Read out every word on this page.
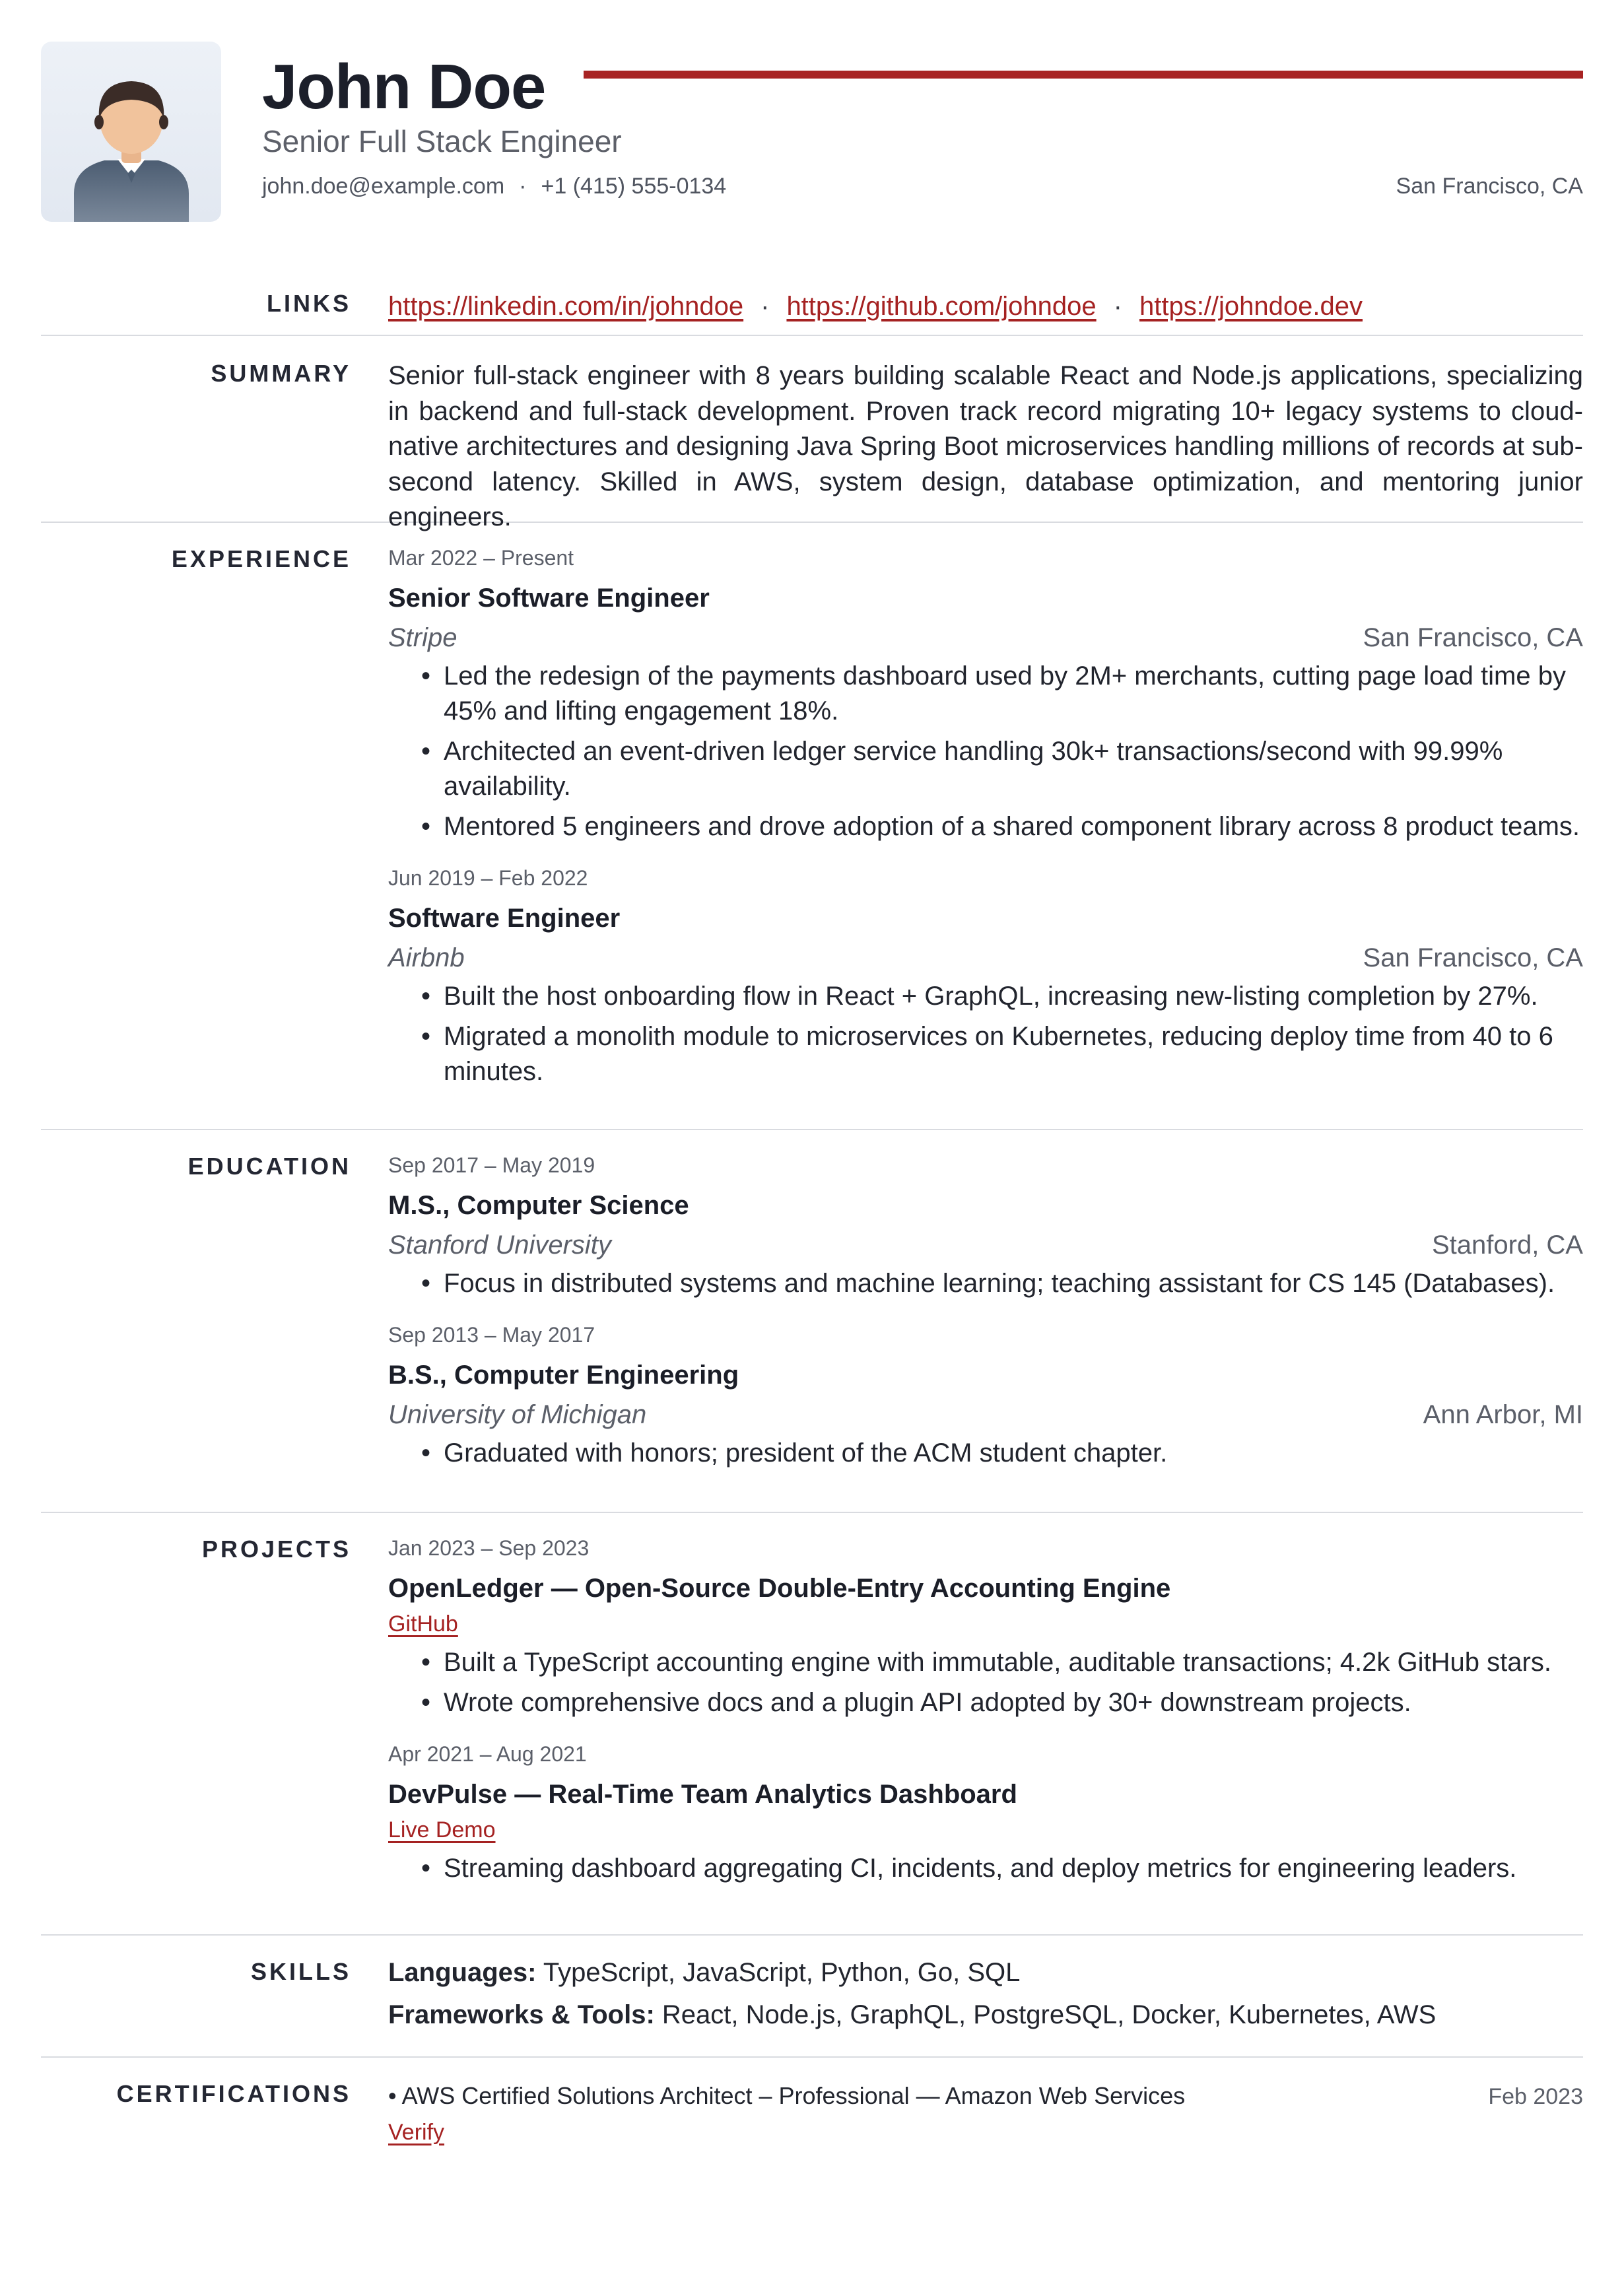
John Doe
Senior Full Stack Engineer
john.doe@example.com · +1 (415) 555-0134	San Francisco, CA
LINKS https://linkedin.com/in/johndoe · https://github.com/johndoe · https://johndoe.dev
SUMMARY Senior full-stack engineer with 8 years building scalable React and Node.js applications, specializing in backend and full-stack development. Proven track record migrating 10+ legacy systems to cloud-native architectures and designing Java Spring Boot microservices handling millions of records at sub-second latency. Skilled in AWS, system design, database optimization, and mentoring junior engineers.
EXPERIENCE Mar 2022 – Present
Senior Software Engineer
Stripe	San Francisco, CA
• Led the redesign of the payments dashboard used by 2M+ merchants, cutting page load time by 45% and lifting engagement 18%.
• Architected an event-driven ledger service handling 30k+ transactions/second with 99.99% availability.
• Mentored 5 engineers and drove adoption of a shared component library across 8 product teams.
Jun 2019 – Feb 2022
Software Engineer
Airbnb	San Francisco, CA
• Built the host onboarding flow in React + GraphQL, increasing new-listing completion by 27%.
• Migrated a monolith module to microservices on Kubernetes, reducing deploy time from 40 to 6 minutes.
EDUCATION Sep 2017 – May 2019
M.S., Computer Science
Stanford University	Stanford, CA
• Focus in distributed systems and machine learning; teaching assistant for CS 145 (Databases).
Sep 2013 – May 2017
B.S., Computer Engineering
University of Michigan	Ann Arbor, MI
• Graduated with honors; president of the ACM student chapter.
PROJECTS Jan 2023 – Sep 2023
OpenLedger — Open-Source Double-Entry Accounting Engine
GitHub
• Built a TypeScript accounting engine with immutable, auditable transactions; 4.2k GitHub stars.
• Wrote comprehensive docs and a plugin API adopted by 30+ downstream projects.
Apr 2021 – Aug 2021
DevPulse — Real-Time Team Analytics Dashboard
Live Demo
• Streaming dashboard aggregating CI, incidents, and deploy metrics for engineering leaders.
SKILLS Languages: TypeScript, JavaScript, Python, Go, SQL
Frameworks & Tools: React, Node.js, GraphQL, PostgreSQL, Docker, Kubernetes, AWS
CERTIFICATIONS • AWS Certified Solutions Architect – Professional — Amazon Web Services	Feb 2023
Verify
